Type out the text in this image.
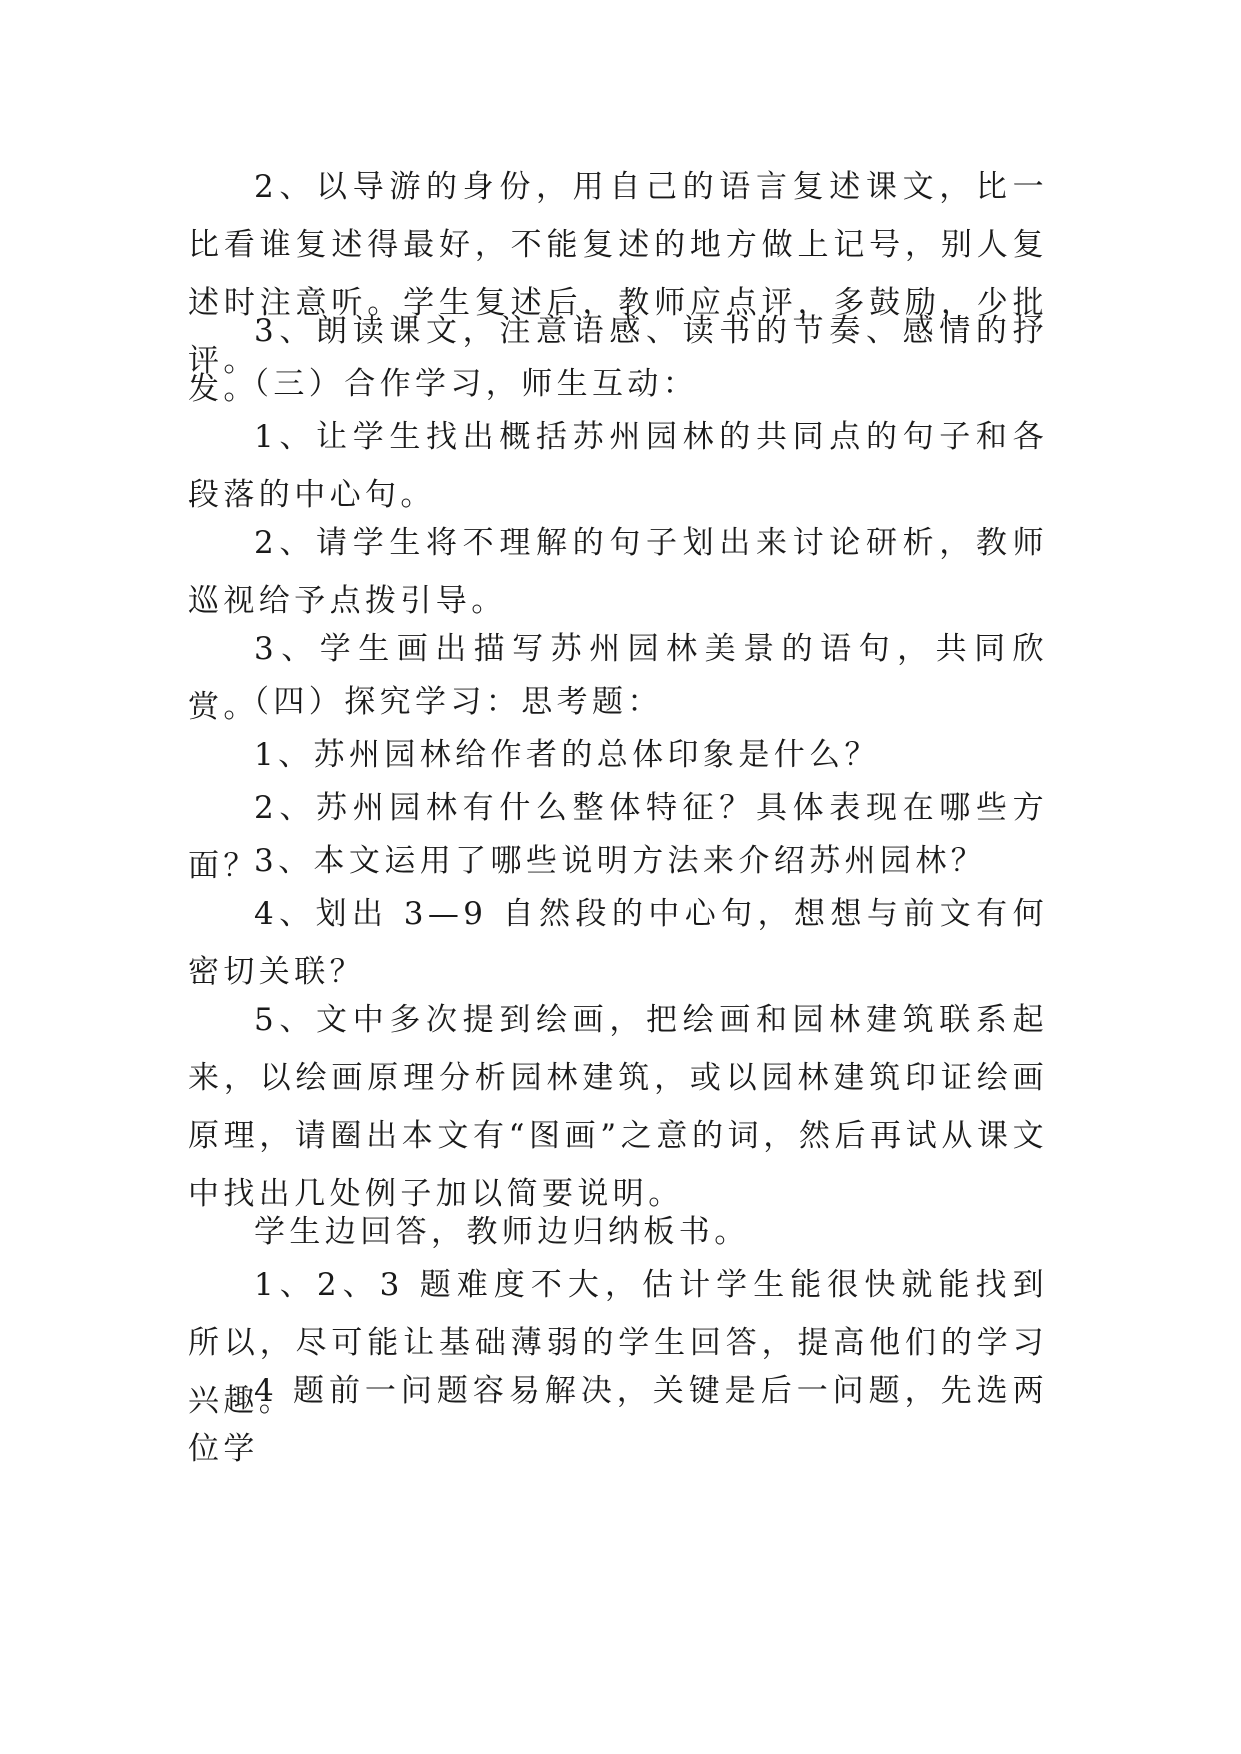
2、以导游的身份，用自己的语言复述课文，比一比看谁复述得最好，不能复述的地方做上记号，别人复述时注意听。学生复述后，教师应点评，多鼓励，少批评。

3、朗读课文，注意语感、读书的节奏、感情的抒发。

（三）合作学习，师生互动：

1、让学生找出概括苏州园林的共同点的句子和各段落的中心句。

2、请学生将不理解的句子划出来讨论研析，教师巡视给予点拨引导。

3、学生画出描写苏州园林美景的语句，共同欣赏。

（四）探究学习：思考题：

1、苏州园林给作者的总体印象是什么？

2、苏州园林有什么整体特征？具体表现在哪些方面？

3、本文运用了哪些说明方法来介绍苏州园林？

4、划出 3—9 自然段的中心句，想想与前文有何密切关联？

5、文中多次提到绘画，把绘画和园林建筑联系起来，以绘画原理分析园林建筑，或以园林建筑印证绘画原理，请圈出本文有“图画”之意的词，然后再试从课文中找出几处例子加以简要说明。

学生边回答，教师边归纳板书。

1、2、3 题难度不大，估计学生能很快就能找到所以，尽可能让基础薄弱的学生回答，提高他们的学习兴趣。

4 题前一问题容易解决，关键是后一问题，先选两位学
